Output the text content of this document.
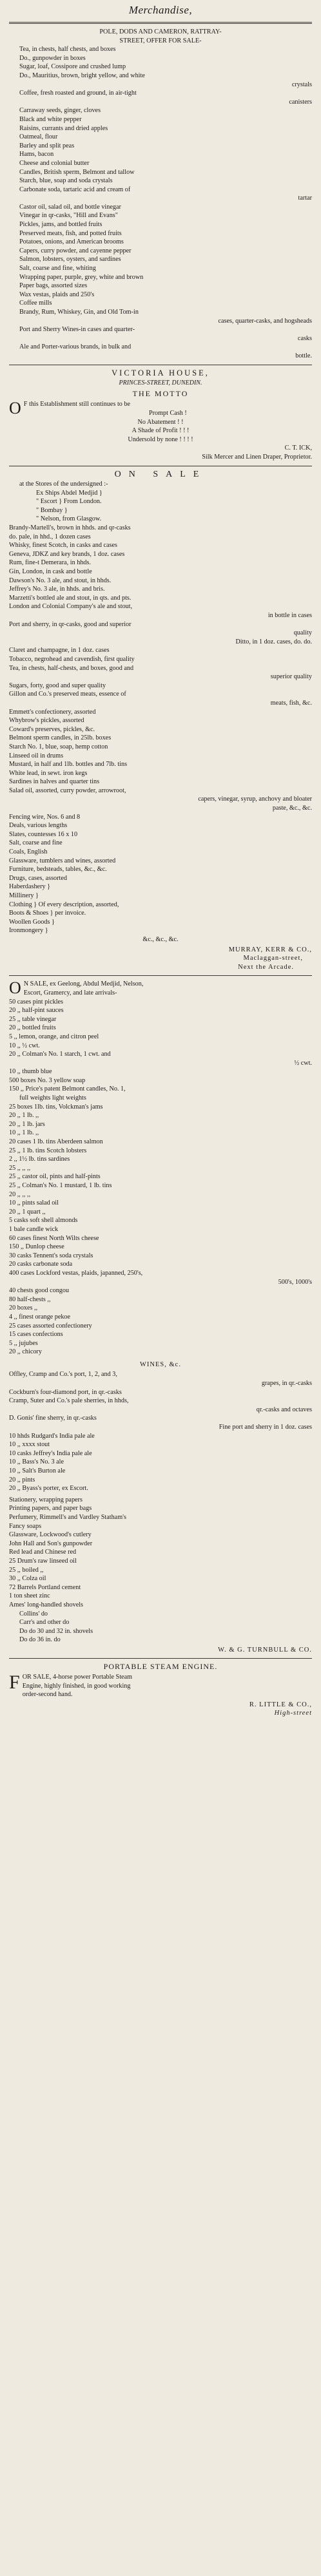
Merchandise,
POLE, DODS AND CAMERON, RATTRAY-
STREET, OFFER FOR SALE-
Tea, in chests, half chests, and boxes
Do., gunpowder in boxes
Sugar, loaf, Cossipore and crushed lump
Do., Mauritius, brown, bright yellow, and white
crystals
Coffee, fresh roasted and ground, in air-tight
canisters
Carraway seeds, ginger, cloves
Black and white pepper
Raisins, currants and dried apples
Oatmeal, flour
Barley and split peas
Hams, bacon
Cheese and colonial butter
Candles, British sperm, Belmont and tallow
Starch, blue, soap and soda crystals
Carbonate soda, tartaric acid and cream of
tartar
Castor oil, salad oil, and bottle vinegar
Vinegar in qr-casks, "Hill and Evans"
Pickles, jams, and bottled fruits
Preserved meats, fish, and potted fruits
Potatoes, onions, and American brooms
Capers, curry powder, and cayenne pepper
Salmon, lobsters, oysters, and sardines
Salt, coarse and fine, whiting
Wrapping paper, purple, grey, white and brown
Paper bags, assorted sizes
Wax vestas, plaids and 250's
Coffee mills
Brandy, Rum, Whiskey, Gin, and Old Tom-in
cases, quarter-casks, and hogsheads
Port and Sherry Wines-in cases and quarter-
casks
Ale and Porter-various brands, in bulk and
bottle.
VICTORIA HOUSE,
PRINCES-STREET, DUNEDIN.
THE MOTTO
O F this Establishment still continues to be
Prompt Cash !
No Abatement ! !
A Shade of Profit ! ! !
Undersold by none ! ! ! !
C. T. ICK,
Silk Mercer and Linen Draper, Proprietor.
ON SALE
at the Stores of the undersigned :-
Ex Ships Abdel Medjid }
" Escort } From London.
" Bombay }
" Nelson, from Glasgow.
Brandy-Martell's, brown in hhds. and qr-casks
do. pale, in hhd., 1 dozen cases
Whisky, finest Scotch, in casks and cases
Geneva, JDKZ and key brands, 1 doz. cases
Rum, fine-t Demerara, in hhds.
Gin, London, in cask and bottle
Dawson's No. 3 ale, and stout, in hhds.
Jeffrey's No. 3 ale, in hhds. and bris.
Marzetti's bottled ale and stout, in qts. and pts.
London and Colonial Company's ale and stout,
in bottle in cases
Port and sherry, in qr-casks, good and superior
quality
Ditto, in 1 doz. cases, do. do.
Claret and champagne, in 1 doz. cases
Tobacco, negrohead and cavendish, first quality
Tea, in chests, half-chests, and boxes, good and
superior quality
Sugars, forty, good and super quality
Gillon and Co.'s preserved meats, essence of
meats, fish, &c.
Emmett's confectionery, assorted
Whybrow's pickles, assorted
Coward's preserves, pickles, &c.
Belmont sperm candles, in 25lb. boxes
Starch No. 1, blue, soap, hemp cotton
Linseed oil in drums
Mustard, in half and 1lb. bottles and 7lb. tins
White lead, in sewt. iron kegs
Sardines in halves and quarter tins
Salad oil, assorted, curry powder, arrowroot,
capers, vinegar, syrup, anchovy and bloater
paste, &c., &c.
Fencing wire, Nos. 6 and 8
Deals, various lengths
Slates, countesses 16 x 10
Salt, coarse and fine
Coals, English
Glassware, tumblers and wines, assorted
Furniture, bedsteads, tables, &c., &c.
Drugs, cases, assorted
Haberdashery }
Millinery }
Clothing } Of every description, assorted,
Boots & Shoes } per invoice.
Woollen Goods }
Ironmongery }
&c., &c., &c.
MURRAY, KERR & CO.,
Maclaggan-street,
Next the Arcade.
O N SALE, ex Geelong, Abdul Medjid, Nelson,
Escort, Gramercy, and late arrivals-
50 cases pint pickles
20 ,, half-pint sauces
25 ,, table vinegar
20 ,, bottled fruits
5 ,, lemon, orange, and citron peel
10 ,, ½ cwt.
20 ,, Colman's No. 1 starch, 1 cwt. and
½ cwt.
10 ,, thumb blue
500 boxes No. 3 yellow soap
150 ,, Price's patent Belmont candles, No. 1,
full weights light weights
25 boxes 1lb. tins, Volckman's jams
20 ,, 1 lb. ,,
20 ,, 1 lb. jars
10 ,, 1 lb. ,,
20 cases 1 lb. tins Aberdeen salmon
25 ,, 1 lb. tins Scotch lobsters
2 ,, 1½ lb. tins sardines
25 ,, ,, ,,
25 ,, castor oil, pints and half-pints
25 ,, Colman's No. 1 mustard, 1 lb. tins
20 ,, ,, ,,
10 ,, pints salad oil
20 ,, 1 quart ,,
5 casks soft shell almonds
1 bale candle wick
60 cases finest North Wilts cheese
150 ,, Dunlop cheese
30 casks Tennent's soda crystals
20 casks carbonate soda
400 cases Lockford vestas, plaids, japanned, 250's,
500's, 1000's
40 chests good congou
80 half-chests ,,
20 boxes ,,
4 ,, finest orange pekoe
25 cases assorted confectionery
15 cases confections
5 ,, jujubes
20 ,, chicory
WINES, &c.
Offley, Cramp and Co.'s port, 1, 2, and 3,
grapes, in qr.-casks
Cockburn's four-diamond port, in qr.-casks
Cramp, Suter and Co.'s pale sherries, in hhds,
qr.-casks and octaves
D. Gonis' fine sherry, in qr.-casks
Fine port and sherry in 1 doz. cases
10 hhds Rudgard's India pale ale
10 ,, xxxx stout
10 casks Jeffrey's India pale ale
10 ,, Bass's No. 3 ale
10 ,, Salt's Burton ale
20 ,, pints
20 ,, Byass's porter, ex Escort.
Stationery, wrapping papers
Printing papers, and paper bags
Perfumery, Rimmell's and Vardley Statham's
Fancy soaps
Glassware, Lockwood's cutlery
John Hall and Son's gunpowder
Red lead and Chinese red
25 Drum's raw linseed oil
25 ,, boiled ,,
30 ,, Colza oil
72 Barrels Portland cement
1 ton sheet zinc
Ames' long-handled shovels
Collins' do
Carr's and other do
Do do 30 and 32 in. shovels
Do do 36 in. do
W. & G. TURNBULL & CO.
PORTABLE STEAM ENGINE.
F OR SALE, 4-horse power Portable Steam
Engine, highly finished, in good working
order-second hand.
R. LITTLE & CO.,
High-street
